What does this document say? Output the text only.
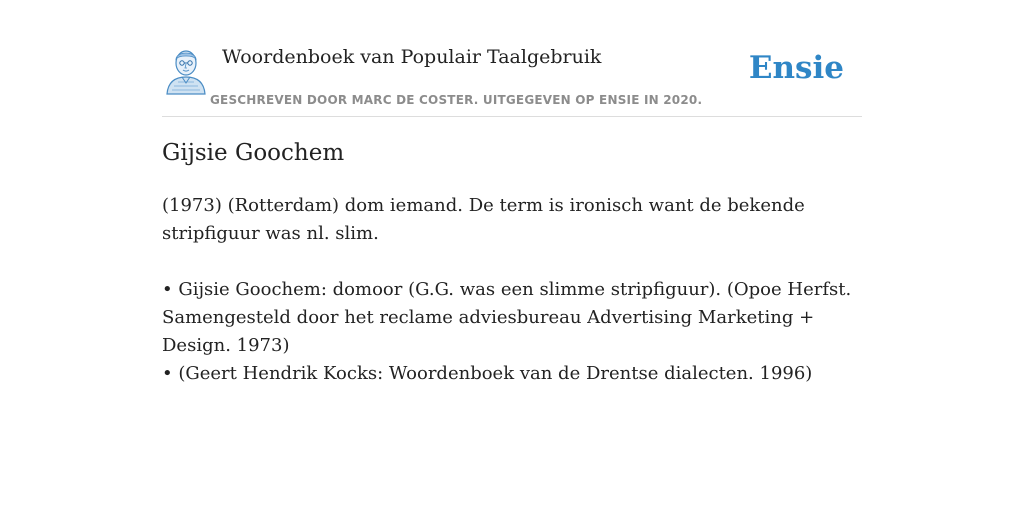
Woordenboek van Populair Taalgebruik
GESCHREVEN DOOR MARC DE COSTER. UITGEGEVEN OP ENSIE IN 2020.
Ensie
Gijsie Goochem

(1973) (Rotterdam) dom iemand. De term is ironisch want de bekende stripfiguur was nl. slim.

• Gijsie Goochem: domoor (G.G. was een slimme stripfiguur). (Opoe Herfst. Samengesteld door het reclame adviesbureau Advertising Marketing + Design. 1973)

• (Geert Hendrik Kocks: Woordenboek van de Drentse dialecten. 1996)
